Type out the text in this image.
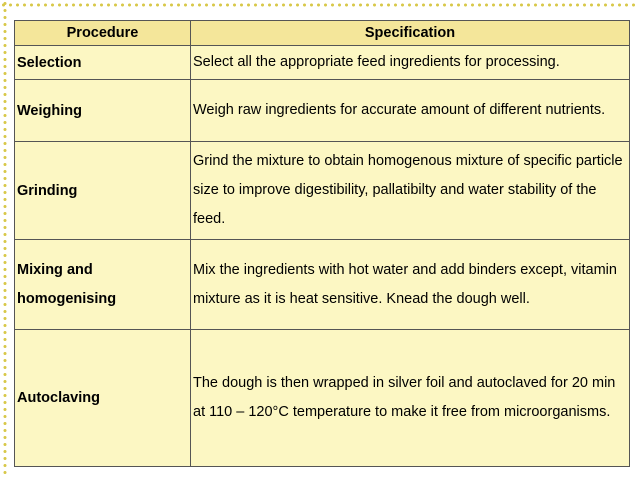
Procedure	Specification
Selection	Select all the appropriate feed ingredients for processing.
Weighing	Weigh raw ingredients for accurate amount of different nutrients.
Grinding	Grind the mixture to obtain homogenous mixture of specific particle size to improve digestibility, pallatibilty and water stability of the feed.
Mixing and homogenising	Mix the ingredients with hot water and add binders except, vitamin mixture as it is heat sensitive. Knead the dough well.
Autoclaving	The dough is then wrapped in silver foil and autoclaved for 20 min at 110 – 120°C temperature to make it free from microorganisms.
